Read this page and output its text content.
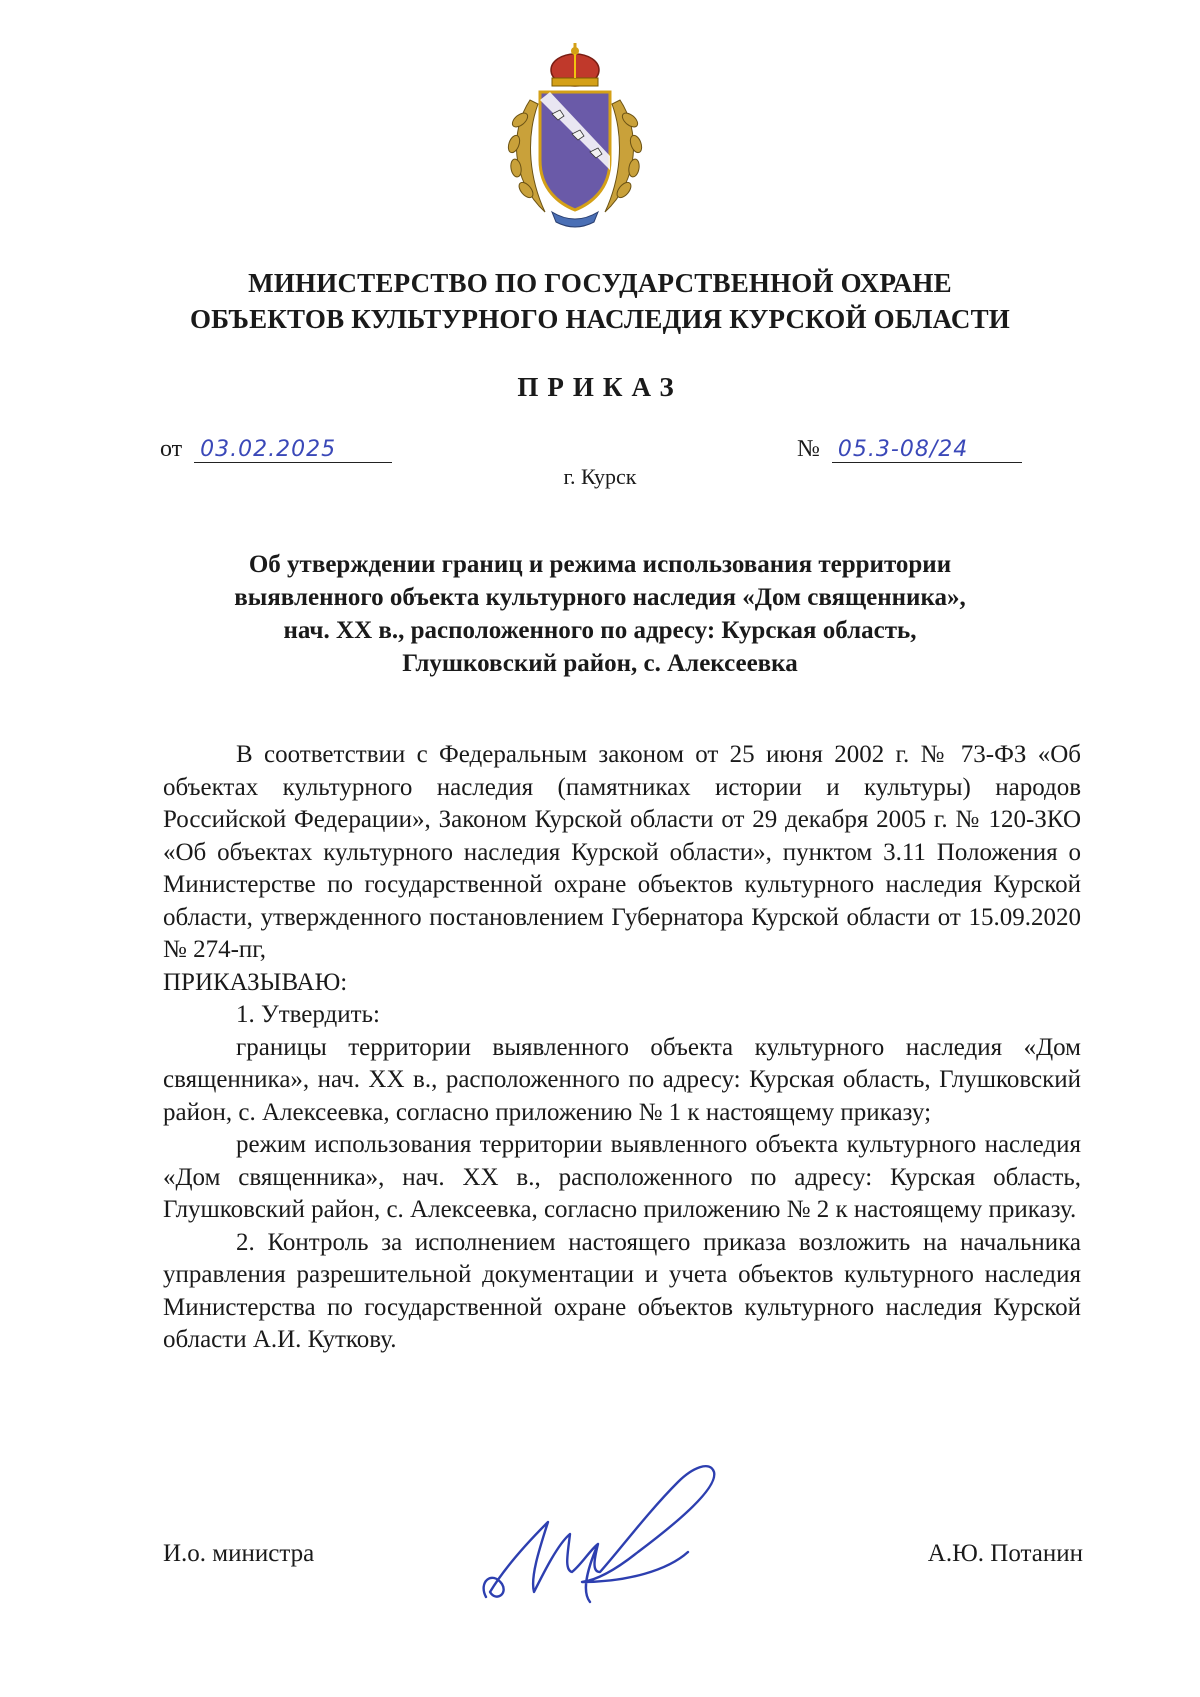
МИНИСТЕРСТВО ПО ГОСУДАРСТВЕННОЙ ОХРАНЕ
ОБЪЕКТОВ КУЛЬТУРНОГО НАСЛЕДИЯ КУРСКОЙ ОБЛАСТИ
ПРИКАЗ
от 03.02.2025	№ 05.3-08/24
г. Курск
Об утверждении границ и режима использования территории
выявленного объекта культурного наследия «Дом священника»,
нач. XX в., расположенного по адресу: Курская область,
Глушковский район, с. Алексеевка

В соответствии с Федеральным законом от 25 июня 2002 г. № 73-ФЗ «Об объектах культурного наследия (памятниках истории и культуры) народов Российской Федерации», Законом Курской области от 29 декабря 2005 г. № 120-ЗКО «Об объектах культурного наследия Курской области», пунктом 3.11 Положения о Министерстве по государственной охране объектов культурного наследия Курской области, утвержденного постановлением Губернатора Курской области от 15.09.2020 № 274-пг,

ПРИКАЗЫВАЮ:

1. Утвердить:

границы территории выявленного объекта культурного наследия «Дом священника», нач. XX в., расположенного по адресу: Курская область, Глушковский район, с. Алексеевка, согласно приложению № 1 к настоящему приказу;

режим использования территории выявленного объекта культурного наследия «Дом священника», нач. XX в., расположенного по адресу: Курская область, Глушковский район, с. Алексеевка, согласно приложению № 2 к настоящему приказу.

2. Контроль за исполнением настоящего приказа возложить на начальника управления разрешительной документации и учета объектов культурного наследия Министерства по государственной охране объектов культурного наследия Курской области А.И. Куткову.

И.о. министра	А.Ю. Потанин
